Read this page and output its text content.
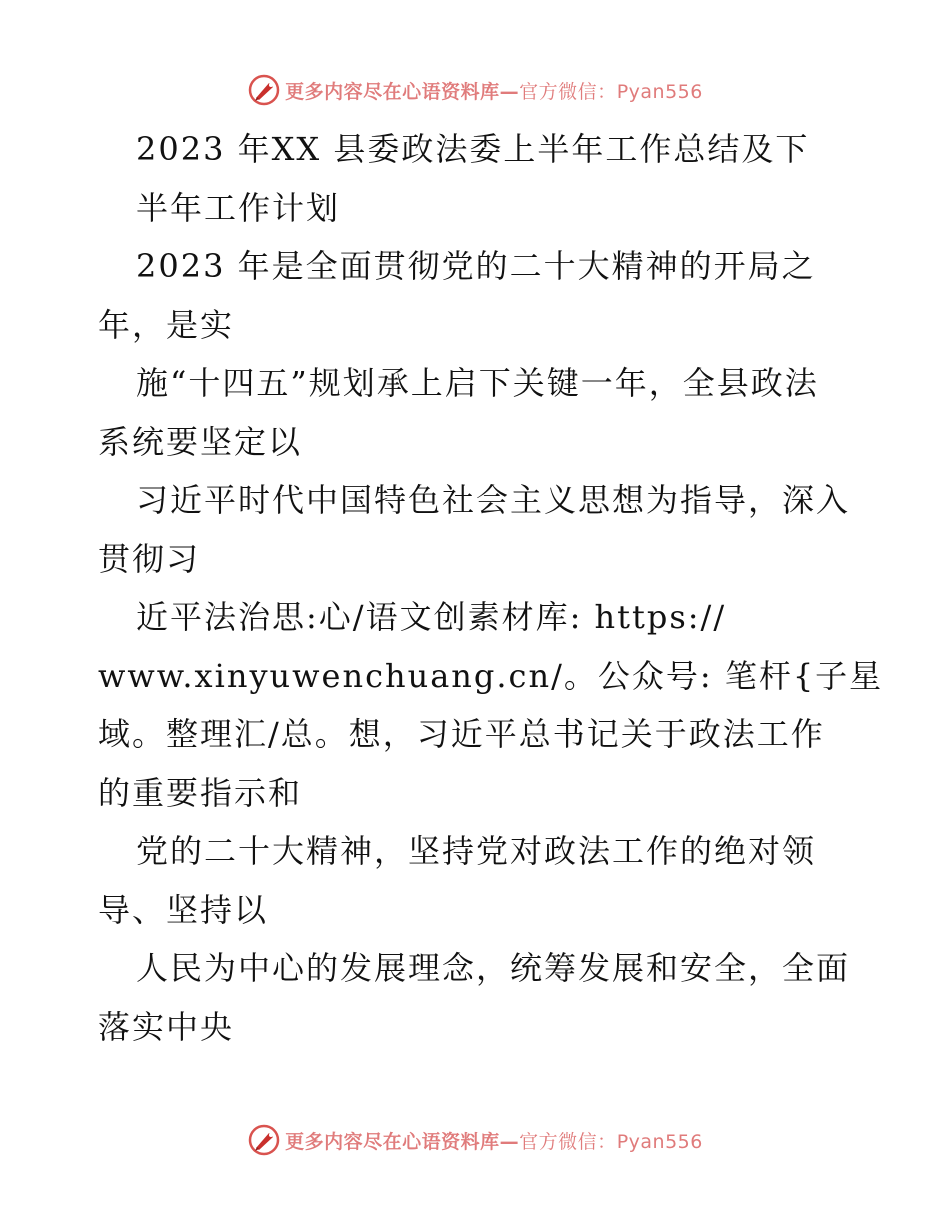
更多内容尽在心语资料库—官方微信：Pyan556
2023 年XX 县委政法委上半年工作总结及下
半年工作计划
2023 年是全面贯彻党的二十大精神的开局之
年，是实
施“十四五”规划承上启下关键一年，全县政法
系统要坚定以
习近平时代中国特色社会主义思想为指导，深入
贯彻习
近平法治思:心/语文创素材库: https://
www.xinyuwenchuang.cn/。公众号: 笔杆{子星
域。整理汇/总。想，习近平总书记关于政法工作
的重要指示和
党的二十大精神，坚持党对政法工作的绝对领
导、坚持以
人民为中心的发展理念，统筹发展和安全，全面
落实中央
更多内容尽在心语资料库—官方微信：Pyan556
